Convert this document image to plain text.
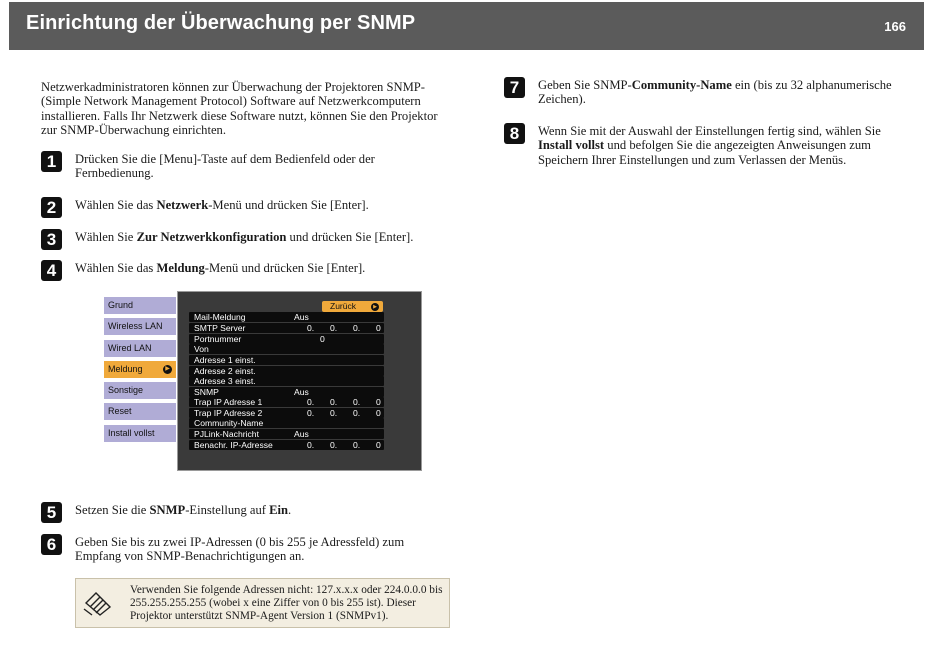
Einrichtung der Überwachung per SNMP	166
Netzwerkadministratoren können zur Überwachung der Projektoren SNMP-(Simple Network Management Protocol) Software auf Netzwerkcomputern installieren. Falls Ihr Netzwerk diese Software nutzt, können Sie den Projektor zur SNMP-Überwachung einrichten.
1	Drücken Sie die [Menu]-Taste auf dem Bedienfeld oder der Fernbedienung.
2	Wählen Sie das Netzwerk-Menü und drücken Sie [Enter].
3	Wählen Sie Zur Netzwerkkonfiguration und drücken Sie [Enter].
4	Wählen Sie das Meldung-Menü und drücken Sie [Enter].
Grund
Wireless LAN
Wired LAN
Meldung	▶
Sonstige
Reset
Install vollst
Zurück	▶
Mail-Meldung	Aus
SMTP Server	0. 0. 0. 0
Portnummer	0
Von
Adresse 1 einst.
Adresse 2 einst.
Adresse 3 einst.
SNMP	Aus
Trap IP Adresse 1	0. 0. 0. 0
Trap IP Adresse 2	0. 0. 0. 0
Community-Name
PJLink-Nachricht	Aus
Benachr. IP-Adresse	0. 0. 0. 0
5	Setzen Sie die SNMP-Einstellung auf Ein.
6	Geben Sie bis zu zwei IP-Adressen (0 bis 255 je Adressfeld) zum Empfang von SNMP-Benachrichtigungen an.
Verwenden Sie folgende Adressen nicht: 127.x.x.x oder 224.0.0.0 bis 255.255.255.255 (wobei x eine Ziffer von 0 bis 255 ist). Dieser Projektor unterstützt SNMP-Agent Version 1 (SNMPv1).
7	Geben Sie SNMP-Community-Name ein (bis zu 32 alphanumerische Zeichen).
8	Wenn Sie mit der Auswahl der Einstellungen fertig sind, wählen Sie Install vollst und befolgen Sie die angezeigten Anweisungen zum Speichern Ihrer Einstellungen und zum Verlassen der Menüs.
